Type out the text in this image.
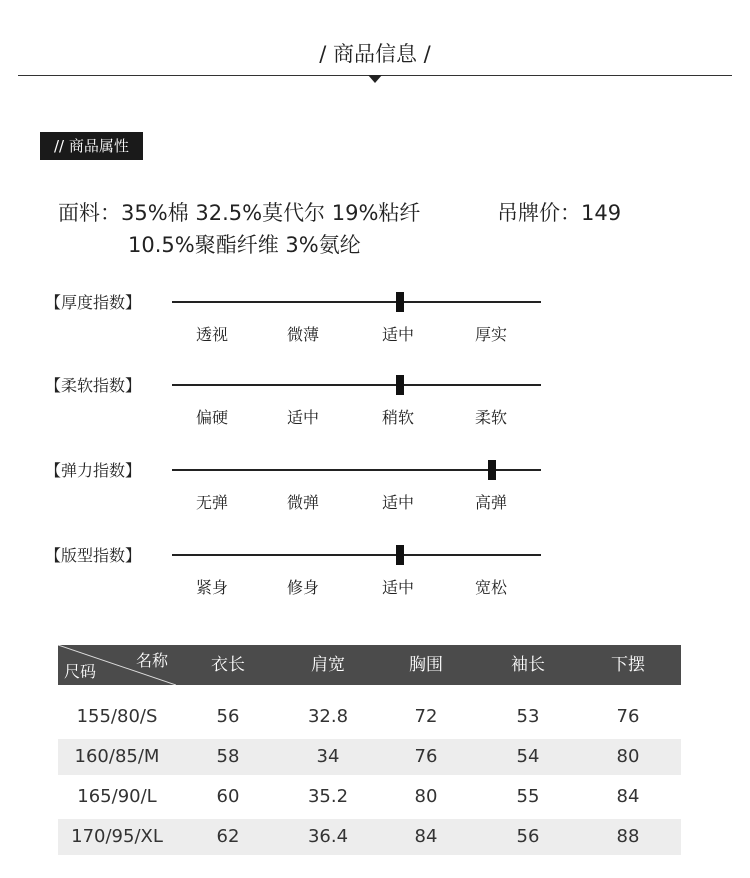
/ 商品信息 /
// 商品属性
面料：35%棉 32.5%莫代尔 19%粘纤
10.5%聚酯纤维 3%氨纶
吊牌价：149
【厚度指数】
透视	微薄	适中	厚实
【柔软指数】
偏硬	适中	稍软	柔软
【弹力指数】
无弹	微弹	适中	高弹
【版型指数】
紧身	修身	适中	宽松
名称
尺码	衣长	肩宽	胸围	袖长	下摆
155/80/S	56	32.8	72	53	76
160/85/M	58	34	76	54	80
165/90/L	60	35.2	80	55	84
170/95/XL	62	36.4	84	56	88
